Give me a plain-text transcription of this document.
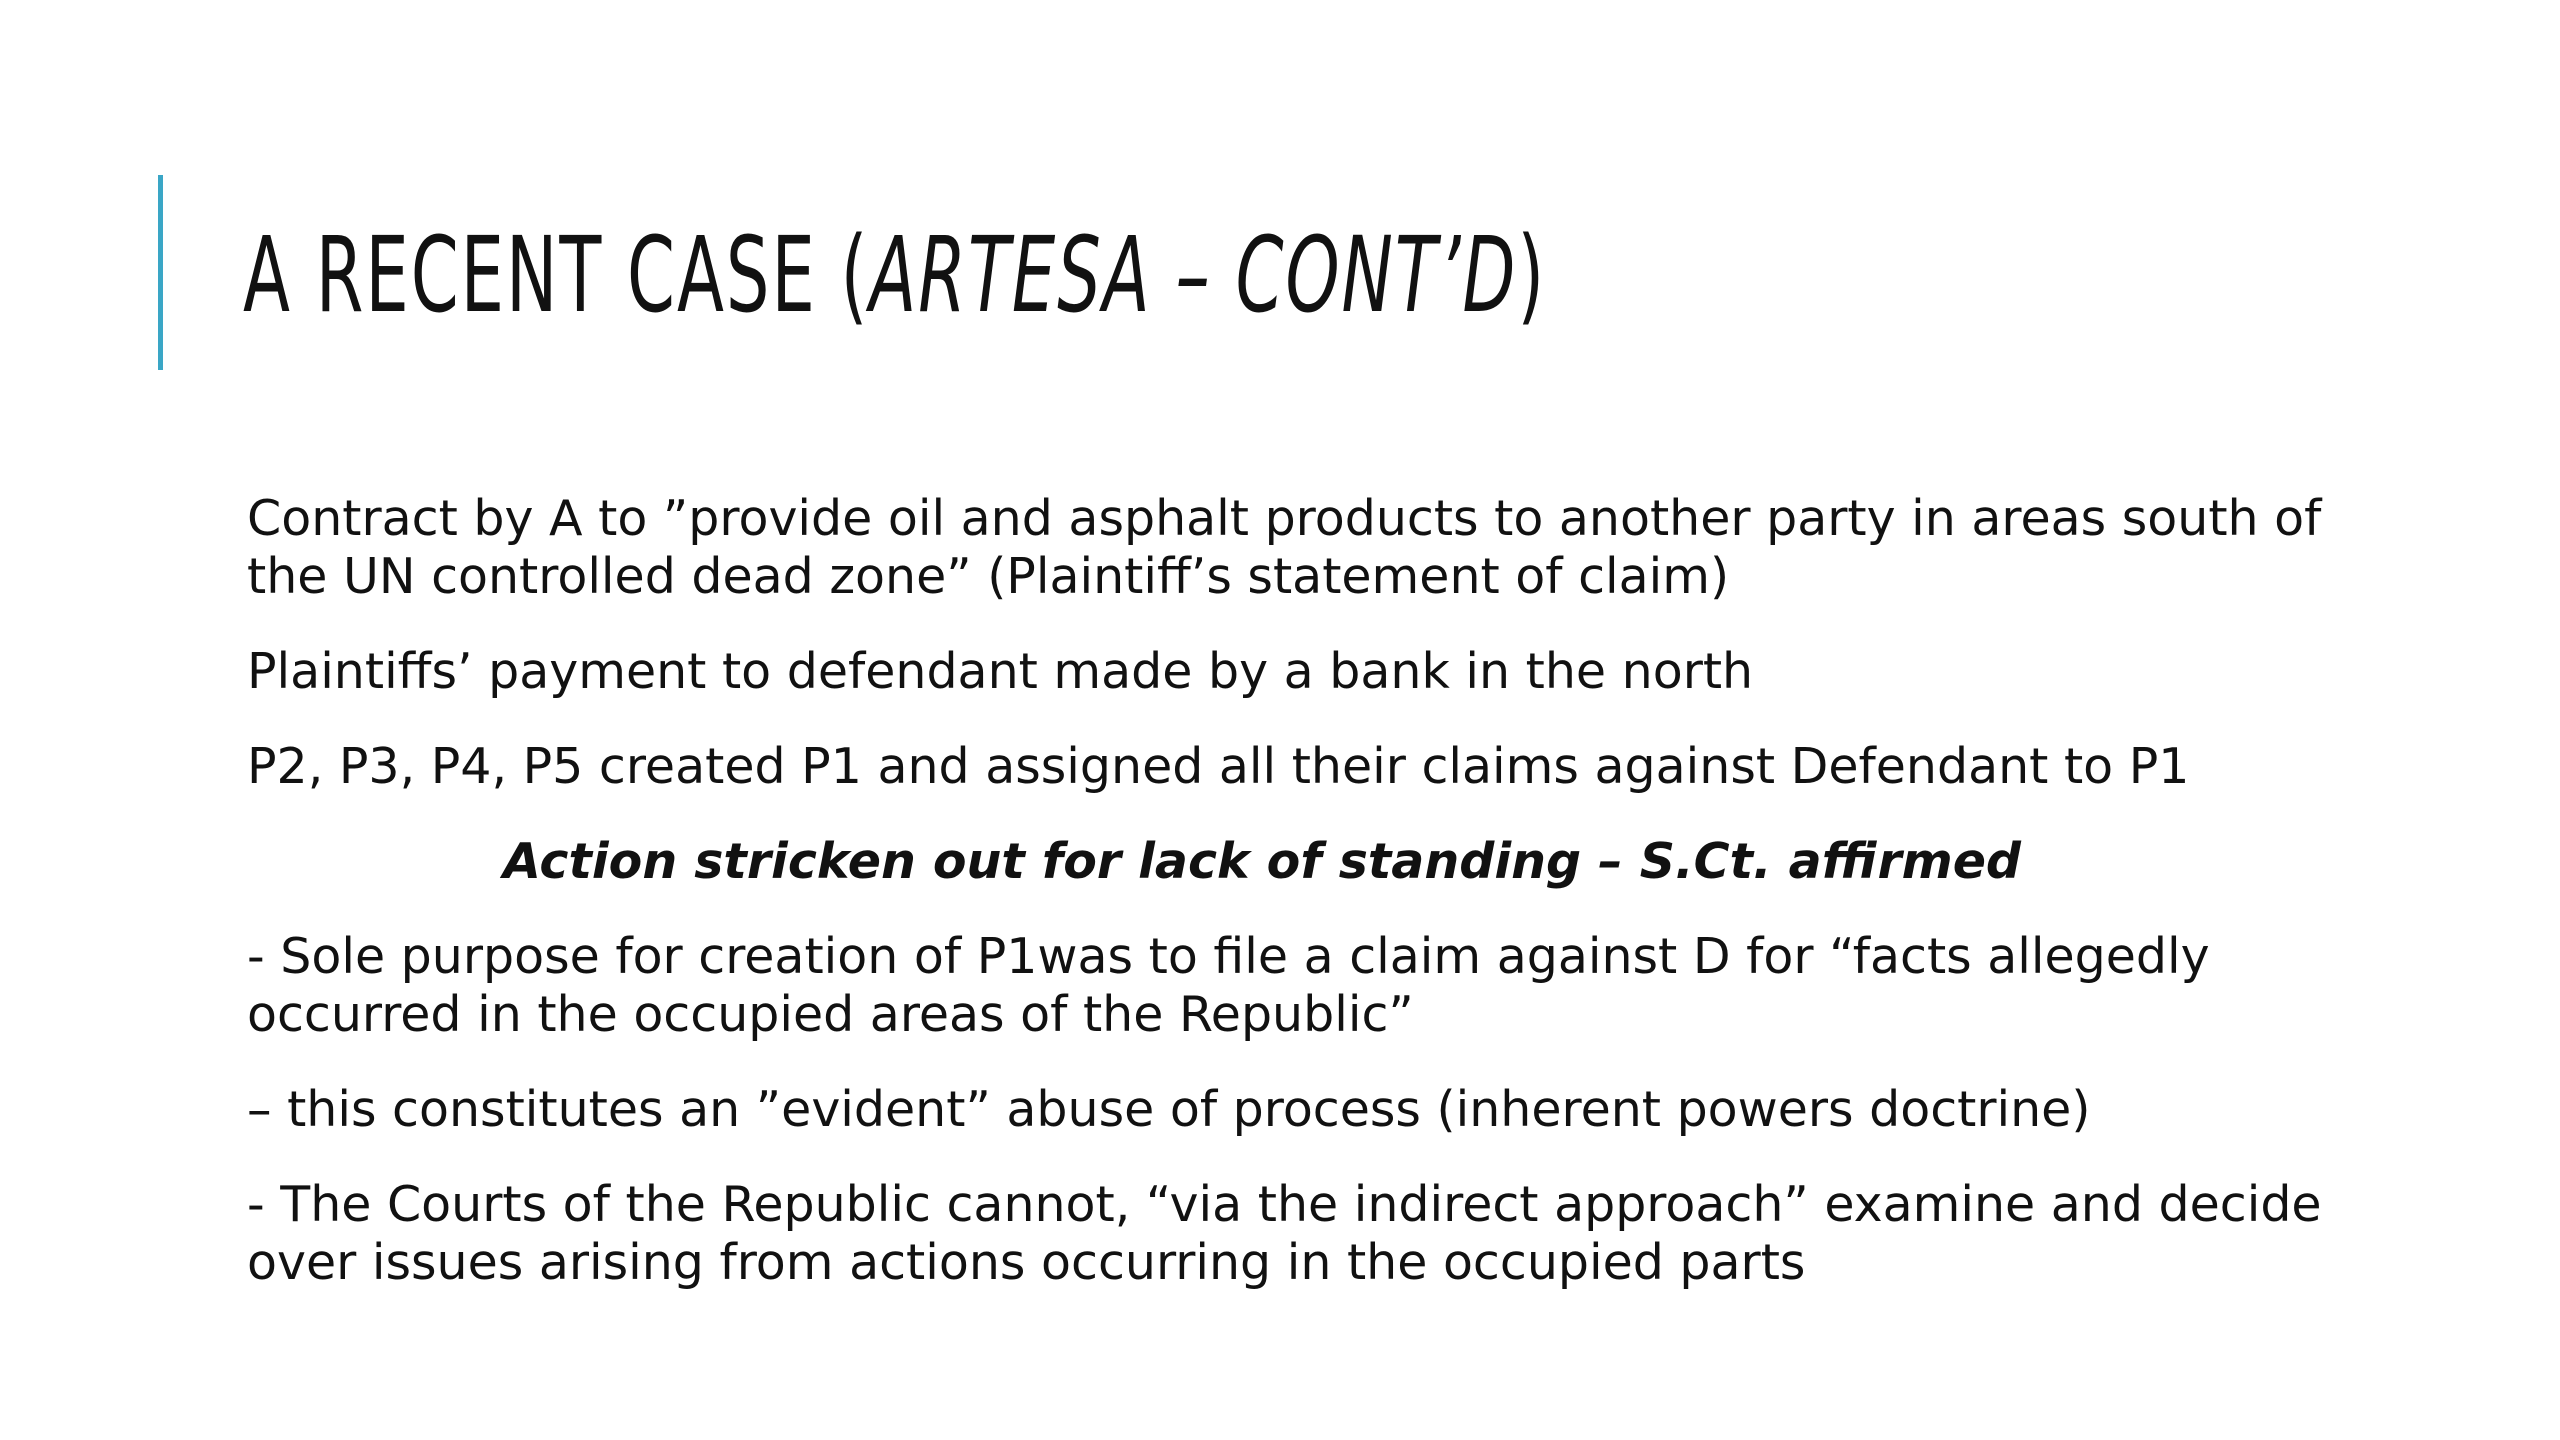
A RECENT CASE (ARTESA – CONT’D)

Contract by A to ”provide oil and asphalt products to another party in areas south of
the UN controlled dead zone” (Plaintiff’s statement of claim)

Plaintiffs’ payment to defendant made by a bank in the north

P2, P3, P4, P5 created P1 and assigned all their claims against Defendant to P1

Action stricken out for lack of standing – S.Ct. affirmed

- Sole purpose for creation of P1was to file a claim against D for “facts allegedly
occurred in the occupied areas of the Republic”

– this constitutes an ”evident” abuse of process (inherent powers doctrine)

- The Courts of the Republic cannot, “via the indirect approach” examine and decide
over issues arising from actions occurring in the occupied parts
